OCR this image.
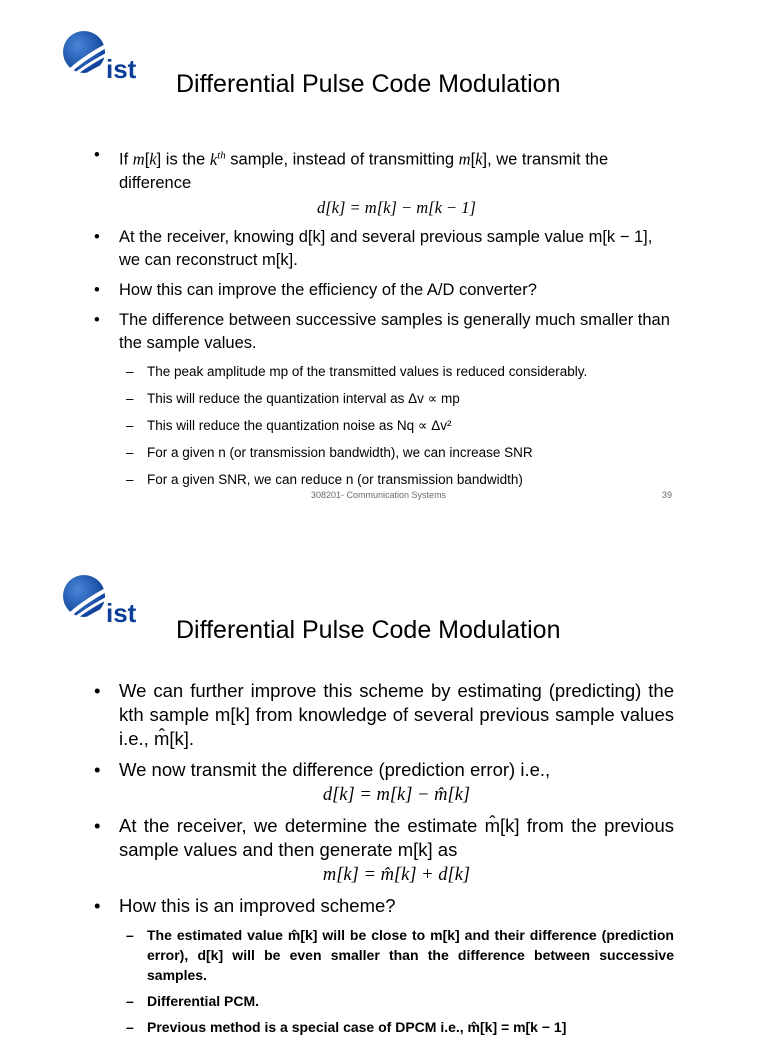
ist Differential Pulse Code Modulation
• If m[k] is the $k^{th}$ sample, instead of transmitting m[k], we transmit the difference
d[k] = m[k] − m[k − 1]
• At the receiver, knowing d[k] and several previous sample value m[k − 1], we can reconstruct m[k].
• How this can improve the efficiency of the A/D converter?
• The difference between successive samples is generally much smaller than the sample values.
– The peak amplitude mp of the transmitted values is reduced considerably.
– This will reduce the quantization interval as Δv ∝ mp
– This will reduce the quantization noise as Nq ∝ Δv²
– For a given n (or transmission bandwidth), we can increase SNR
– For a given SNR, we can reduce n (or transmission bandwidth)
308201- Communication Systems	39
ist
Differential Pulse Code Modulation
• We can further improve this scheme by estimating (predicting) the kth sample m[k] from knowledge of several previous sample values i.e., m̂[k].
• We now transmit the difference (prediction error) i.e.,
d[k] = m[k] − m̂[k]
• At the receiver, we determine the estimate m̂[k] from the previous sample values and then generate m[k] as
m[k] = m̂[k] + d[k]
• How this is an improved scheme?
– The estimated value m̂[k] will be close to m[k] and their difference (prediction error), d[k] will be even smaller than the difference between successive samples.
– Differential PCM.
– Previous method is a special case of DPCM i.e., m̂[k] = m[k − 1]
